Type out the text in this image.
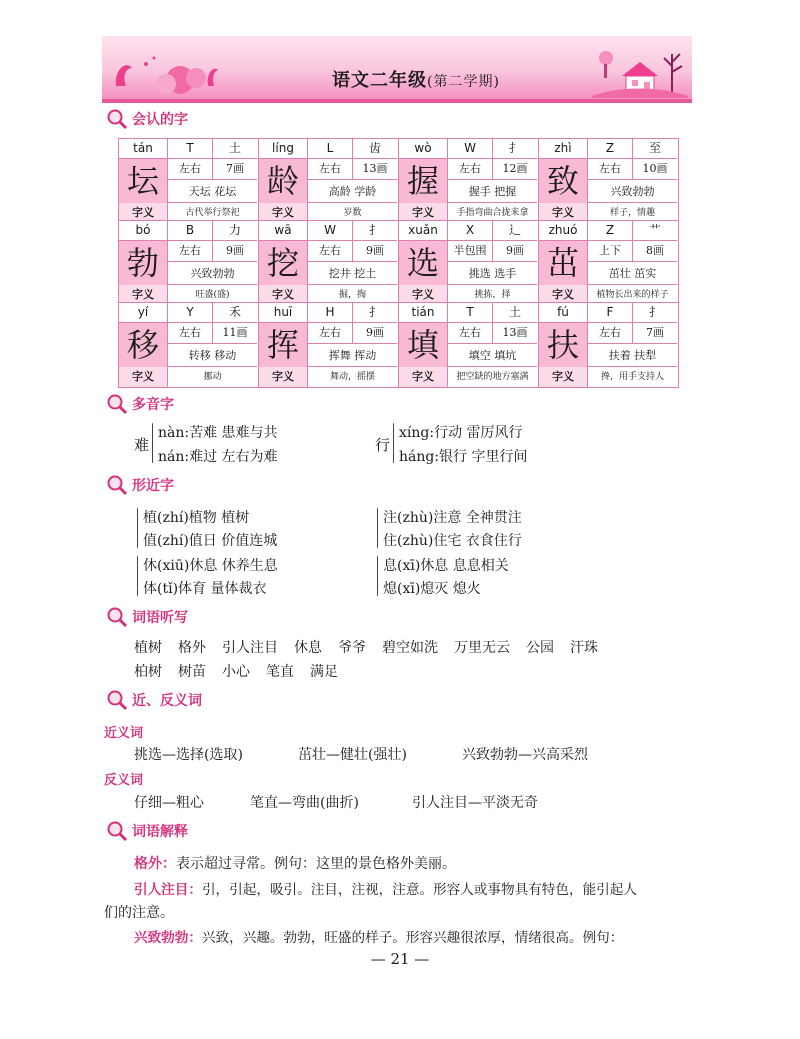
语文二年级(第二学期)
会认的字
tán	T	土
坛	左右	7画
天坛 花坛
字义	古代举行祭祀
líng	L	齿
龄	左右	13画
高龄 学龄
字义	岁数
wò	W	扌
握	左右	12画
握手 把握
字义	手指弯曲合拢来拿
zhì	Z	至
致	左右	10画
兴致勃勃
字义	样子，情趣
bó	B	力
勃	左右	9画
兴致勃勃
字义	旺盛(盛)
wā	W	扌
挖	左右	9画
挖井 挖土
字义	掘，掏
xuǎn	X	辶
选	半包围	9画
挑选 选手
字义	挑拣，择
zhuó	Z	艹
茁	上下	8画
茁壮 茁实
字义	植物长出来的样子
yí	Y	禾
移	左右	11画
转移 移动
字义	挪动
huī	H	扌
挥	左右	9画
挥舞 挥动
字义	舞动，摇摆
tián	T	土
填	左右	13画
填空 填坑
字义	把空缺的地方塞满
fú	F	扌
扶	左右	7画
扶着 扶犁
字义	搀，用手支持人
多音字
难
nàn:苦难 患难与共
nán:难过 左右为难
行
xíng:行动 雷厉风行
háng:银行 字里行间
形近字
植(zhí)植物 植树
值(zhí)值日 价值连城
休(xiū)休息 休养生息
体(tǐ)体育 量体裁衣
注(zhù)注意 全神贯注
住(zhù)住宅 衣食住行
息(xī)休息 息息相关
熄(xī)熄灭 熄火
词语听写
植树 格外 引人注目 休息 爷爷 碧空如洗 万里无云 公园 汗珠
柏树 树苗 小心 笔直 满足
近、反义词
近义词
挑选—选择(选取)	茁壮—健壮(强壮)	兴致勃勃—兴高采烈
反义词
仔细—粗心	笔直—弯曲(曲折)	引人注目—平淡无奇
词语解释
格外：表示超过寻常。例句：这里的景色格外美丽。
引人注目：引，引起，吸引。注目，注视，注意。形容人或事物具有特色，能引起人
们的注意。
兴致勃勃：兴致，兴趣。勃勃，旺盛的样子。形容兴趣很浓厚，情绪很高。例句：
— 21 —
